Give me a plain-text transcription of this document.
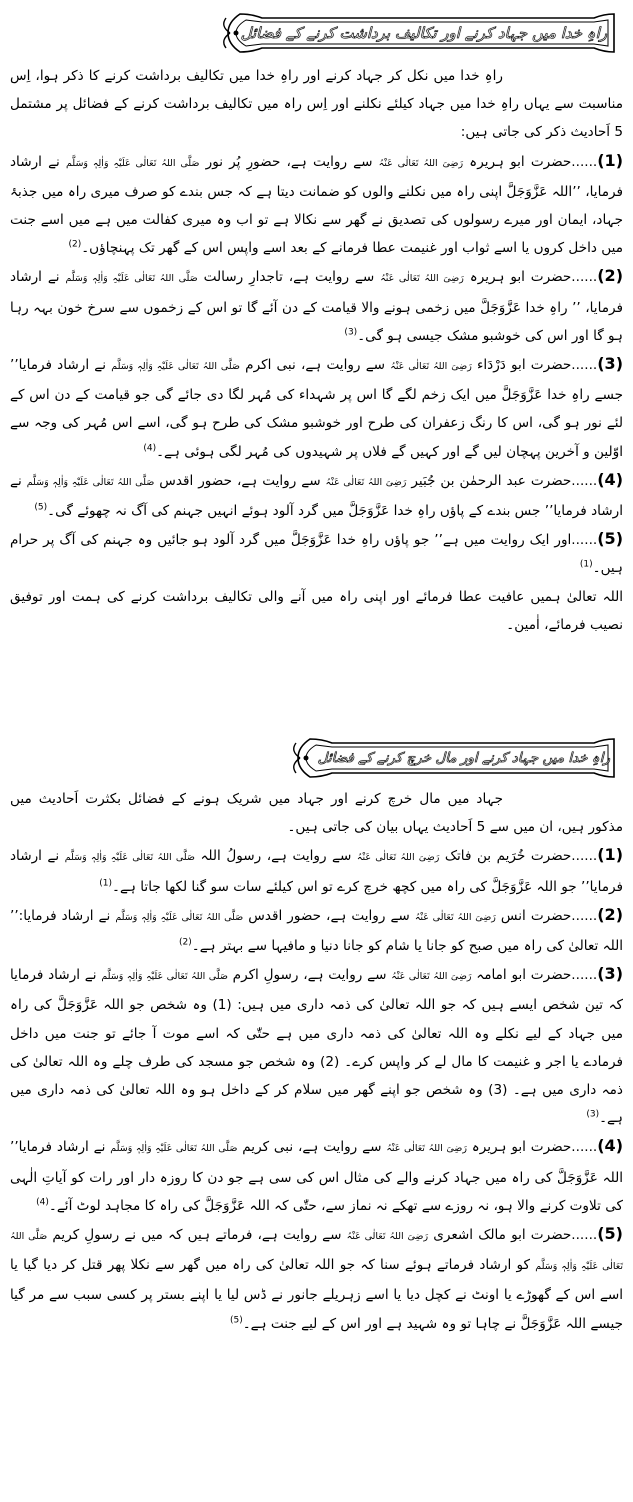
راہِ خدا میں جہاد کرنے اور تکالیف برداشت کرنے کے فضائل

راہِ خدا میں نکل کر جہاد کرنے اور راہِ خدا میں تکالیف برداشت کرنے کا ذکر ہوا، اِس مناسبت سے یہاں راہِ خدا میں جہاد کیلئے نکلنے اور اِس راہ میں تکالیف برداشت کرنے کے فضائل پر مشتمل 5 اَحادیث ذکر کی جاتی ہیں:

(1)......حضرت ابو ہریرہ رَضِیَ اللہُ تَعَالٰی عَنْہُ سے روایت ہے، حضورِ پُر نور صَلَّی اللہُ تَعَالٰی عَلَیْہِ وَاٰلِہٖ وَسَلَّم نے ارشاد فرمایا، ’’اللہ عَزَّوَجَلَّ اپنی راہ میں نکلنے والوں کو ضمانت دیتا ہے کہ جس بندے کو صرف میری راہ میں جذبۂ جہاد، ایمان اور میرے رسولوں کی تصدیق نے گھر سے نکالا ہے تو اب وہ میری کفالت میں ہے میں اسے جنت میں داخل کروں یا اسے ثواب اور غنیمت عطا فرمانے کے بعد اسے واپس اس کے گھر تک پہنچاؤں۔$^{(2)}$

(2)......حضرت ابو ہریرہ رَضِیَ اللہُ تَعَالٰی عَنْہُ سے روایت ہے، تاجدارِ رسالت صَلَّی اللہُ تَعَالٰی عَلَیْہِ وَاٰلِہٖ وَسَلَّم نے ارشاد فرمایا، ’’ راہِ خدا عَزَّوَجَلَّ میں زخمی ہونے والا قیامت کے دن آئے گا تو اس کے زخموں سے سرخ خون بہہ رہا ہو گا اور اس کی خوشبو مشک جیسی ہو گی۔$^{(3)}$

(3)......حضرت ابو دَرْدَاء رَضِیَ اللہُ تَعَالٰی عَنْہُ سے روایت ہے، نبی اکرم صَلَّی اللہُ تَعَالٰی عَلَیْہِ وَاٰلِہٖ وَسَلَّم نے ارشاد فرمایا’’ جسے راہِ خدا عَزَّوَجَلَّ میں ایک زخم لگے گا اس پر شہداء کی مُہر لگا دی جائے گی جو قیامت کے دن اس کے لئے نور ہو گی، اس کا رنگ زعفران کی طرح اور خوشبو مشک کی طرح ہو گی، اسے اس مُہر کی وجہ سے اوّلین و آخرین پہچان لیں گے اور کہیں گے فلاں پر شہیدوں کی مُہر لگی ہوئی ہے۔$^{(4)}$

(4)......حضرت عبد الرحمٰن بن جُبَیر رَضِیَ اللہُ تَعَالٰی عَنْہُ سے روایت ہے، حضور اقدس صَلَّی اللہُ تَعَالٰی عَلَیْہِ وَاٰلِہٖ وَسَلَّم نے ارشاد فرمایا’’ جس بندے کے پاؤں راہِ خدا عَزَّوَجَلَّ میں گرد آلود ہوئے انہیں جہنم کی آگ نہ چھوئے گی۔$^{(5)}$

(5)......اور ایک روایت میں ہے’’ جو پاؤں راہِ خدا عَزَّوَجَلَّ میں گرد آلود ہو جائیں وہ جہنم کی آگ پر حرام ہیں۔$^{(1)}$

اللہ تعالیٰ ہمیں عافیت عطا فرمائے اور اپنی راہ میں آنے والی تکالیف برداشت کرنے کی ہمت اور توفیق نصیب فرمائے، اٰمین۔

راہِ خدا میں جہاد کرنے اور مال خرچ کرنے کے فضائل

جہاد میں مال خرچ کرنے اور جہاد میں شریک ہونے کے فضائل بکثرت اَحادیث میں مذکور ہیں، ان میں سے 5 اَحادیث یہاں بیان کی جاتی ہیں۔

(1)......حضرت خُرَیم بن فاتک رَضِیَ اللہُ تَعَالٰی عَنْہُ سے روایت ہے، رسولُ اللہ صَلَّی اللہُ تَعَالٰی عَلَیْہِ وَاٰلِہٖ وَسَلَّم نے ارشاد فرمایا’’ جو اللہ عَزَّوَجَلَّ کی راہ میں کچھ خرچ کرے تو اس کیلئے سات سو گنا لکھا جاتا ہے۔$^{(1)}$

(2)......حضرت انس رَضِیَ اللہُ تَعَالٰی عَنْہُ سے روایت ہے، حضور اقدس صَلَّی اللہُ تَعَالٰی عَلَیْہِ وَاٰلِہٖ وَسَلَّم نے ارشاد فرمایا:’’ اللہ تعالیٰ کی راہ میں صبح کو جانا یا شام کو جانا دنیا و مافیہا سے بہتر ہے۔$^{(2)}$

(3)......حضرت ابو امامہ رَضِیَ اللہُ تَعَالٰی عَنْہُ سے روایت ہے، رسولِ اکرم صَلَّی اللہُ تَعَالٰی عَلَیْہِ وَاٰلِہٖ وَسَلَّم نے ارشاد فرمایا کہ تین شخص ایسے ہیں کہ جو اللہ تعالیٰ کی ذمہ داری میں ہیں: (1) وہ شخص جو اللہ عَزَّوَجَلَّ کی راہ میں جہاد کے لیے نکلے وہ اللہ تعالیٰ کی ذمہ داری میں ہے حتّٰی کہ اسے موت آ جائے تو جنت میں داخل فرمادے یا اجر و غنیمت کا مال لے کر واپس کرے۔ (2) وہ شخص جو مسجد کی طرف چلے وہ اللہ تعالیٰ کی ذمہ داری میں ہے۔ (3) وہ شخص جو اپنے گھر میں سلام کر کے داخل ہو وہ اللہ تعالیٰ کی ذمہ داری میں ہے۔$^{(3)}$

(4)......حضرت ابو ہریرہ رَضِیَ اللہُ تَعَالٰی عَنْہُ سے روایت ہے، نبی کریم صَلَّی اللہُ تَعَالٰی عَلَیْہِ وَاٰلِہٖ وَسَلَّم نے ارشاد فرمایا’’ اللہ عَزَّوَجَلَّ کی راہ میں جہاد کرنے والے کی مثال اس کی سی ہے جو دن کا روزہ دار اور رات کو آیاتِ الٰہی کی تلاوت کرنے والا ہو، نہ روزے سے تھکے نہ نماز سے، حتّٰی کہ اللہ عَزَّوَجَلَّ کی راہ کا مجاہد لوٹ آئے۔$^{(4)}$

(5)......حضرت ابو مالک اشعری رَضِیَ اللہُ تَعَالٰی عَنْہُ سے روایت ہے، فرماتے ہیں کہ میں نے رسولِ کریم صَلَّی اللہُ تَعَالٰی عَلَیْہِ وَاٰلِہٖ وَسَلَّم کو ارشاد فرماتے ہوئے سنا کہ جو اللہ تعالیٰ کی راہ میں گھر سے نکلا پھر قتل کر دیا گیا یا اسے اس کے گھوڑے یا اونٹ نے کچل دیا یا اسے زہریلے جانور نے ڈس لیا یا اپنے بستر پر کسی سبب سے مر گیا جیسے اللہ عَزَّوَجَلَّ نے چاہا تو وہ شہید ہے اور اس کے لیے جنت ہے۔$^{(5)}$
